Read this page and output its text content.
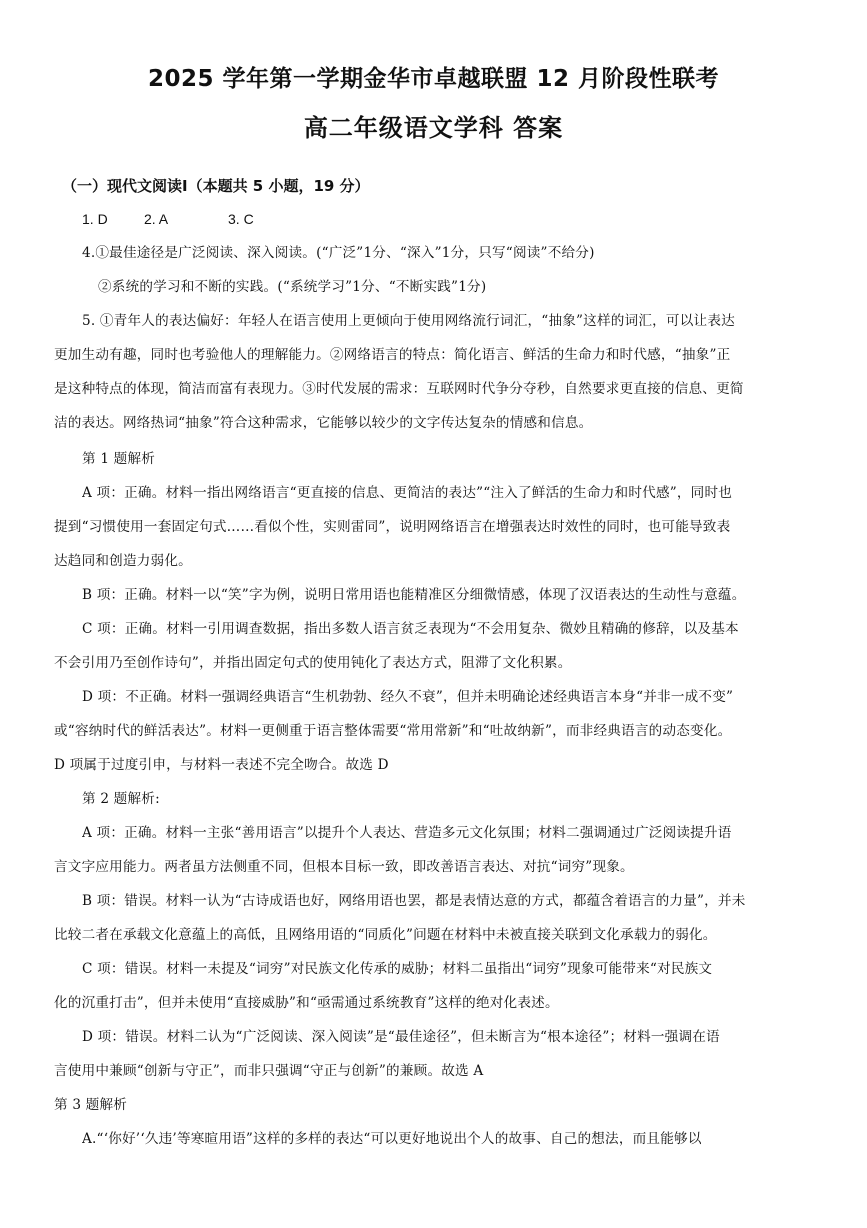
2025 学年第一学期金华市卓越联盟 12 月阶段性联考
高二年级语文学科 答案
（一）现代文阅读Ⅰ（本题共 5 小题，19 分）
1. D	2. A	3. C
4.①最佳途径是广泛阅读、深入阅读。(“广泛”1分、“深入”1分，只写“阅读”不给分)
②系统的学习和不断的实践。(“系统学习”1分、“不断实践”1分)
5. ①青年人的表达偏好：年轻人在语言使用上更倾向于使用网络流行词汇，“抽象”这样的词汇，可以让表达
更加生动有趣，同时也考验他人的理解能力。②网络语言的特点：简化语言、鲜活的生命力和时代感，“抽象”正
是这种特点的体现，简洁而富有表现力。③时代发展的需求：互联网时代争分夺秒，自然要求更直接的信息、更简
洁的表达。网络热词“抽象”符合这种需求，它能够以较少的文字传达复杂的情感和信息。
第 1 题解析
A 项：正确。材料一指出网络语言“更直接的信息、更简洁的表达”“注入了鲜活的生命力和时代感”，同时也
提到“习惯使用一套固定句式……看似个性，实则雷同”，说明网络语言在增强表达时效性的同时，也可能导致表
达趋同和创造力弱化。
B 项：正确。材料一以“笑”字为例，说明日常用语也能精准区分细微情感，体现了汉语表达的生动性与意蕴。
C 项：正确。材料一引用调查数据，指出多数人语言贫乏表现为“不会用复杂、微妙且精确的修辞，以及基本
不会引用乃至创作诗句”，并指出固定句式的使用钝化了表达方式，阻滞了文化积累。
D 项：不正确。材料一强调经典语言“生机勃勃、经久不衰”，但并未明确论述经典语言本身“并非一成不变”
或“容纳时代的鲜活表达”。材料一更侧重于语言整体需要“常用常新”和“吐故纳新”，而非经典语言的动态变化。
D 项属于过度引申，与材料一表述不完全吻合。故选 D
第 2 题解析:
A 项：正确。材料一主张“善用语言”以提升个人表达、营造多元文化氛围；材料二强调通过广泛阅读提升语
言文字应用能力。两者虽方法侧重不同，但根本目标一致，即改善语言表达、对抗“词穷”现象。
B 项：错误。材料一认为“古诗成语也好，网络用语也罢，都是表情达意的方式，都蕴含着语言的力量”，并未
比较二者在承载文化意蕴上的高低，且网络用语的“同质化”问题在材料中未被直接关联到文化承载力的弱化。
C 项：错误。材料一未提及“词穷”对民族文化传承的威胁；材料二虽指出“词穷”现象可能带来“对民族文
化的沉重打击”，但并未使用“直接威胁”和“亟需通过系统教育”这样的绝对化表述。
D 项：错误。材料二认为“广泛阅读、深入阅读”是“最佳途径”，但未断言为“根本途径”；材料一强调在语
言使用中兼顾“创新与守正”，而非只强调“守正与创新”的兼顾。故选 A
第 3 题解析
A.“‘你好’‘久违’等寒暄用语”这样的多样的表达“可以更好地说出个人的故事、自己的想法，而且能够以
